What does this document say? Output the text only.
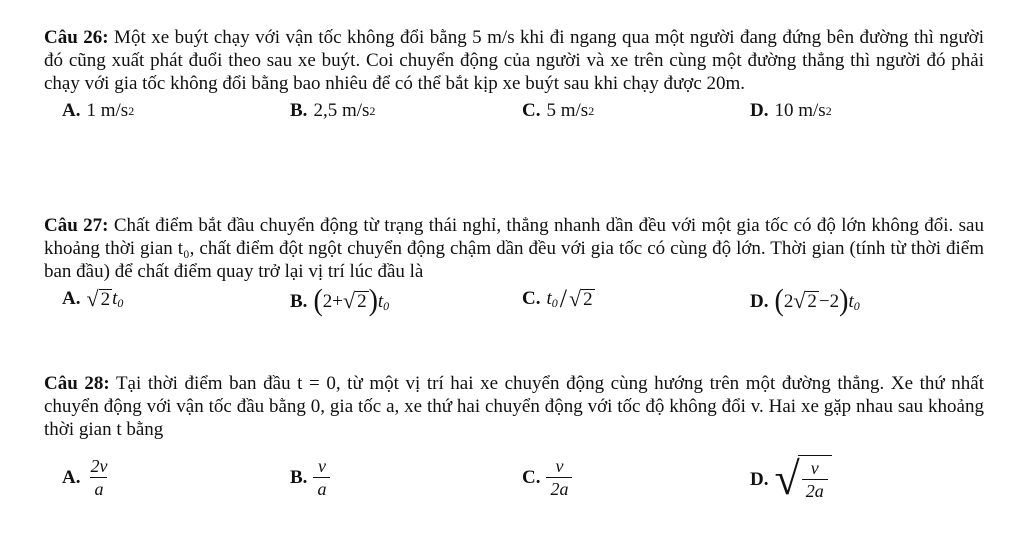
Câu 26: Một xe buýt chạy với vận tốc không đổi bằng 5 m/s khi đi ngang qua một người đang đứng bên đường thì người đó cũng xuất phát đuổi theo sau xe buýt. Coi chuyển động của người và xe trên cùng một đường thẳng thì người đó phải chạy với gia tốc không đổi bằng bao nhiêu để có thể bắt kịp xe buýt sau khi chạy được 20m.
A. 1 m/s 2	B. 2,5 m/s 2	C. 5 m/s 2	D. 10 m/s 2
Câu 27: Chất điểm bắt đầu chuyển động từ trạng thái nghỉ, thẳng nhanh dần đều với một gia tốc có độ lớn không đổi. sau khoảng thời gian t₀, chất điểm đột ngột chuyển động chậm dần đều với gia tốc có cùng độ lớn. Thời gian (tính từ thời điểm ban đầu) để chất điểm quay trở lại vị trí lúc đầu là
A. √ 2 t 0	B. ( 2 + √ 2 ) t 0	C. t 0 / √ 2	D. ( 2 √ 2 − 2 ) t 0
Câu 28: Tại thời điểm ban đầu t = 0, từ một vị trí hai xe chuyển động cùng hướng trên một đường thẳng. Xe thứ nhất chuyển động với vận tốc đầu bằng 0, gia tốc a, xe thứ hai chuyển động với tốc độ không đổi v. Hai xe gặp nhau sau khoảng thời gian t bằng
A. $\frac{2v}{a}$	B. $\frac{v}{a}$	C. $\frac{v}{2a}$	D. √ $\frac{v}{2a}$
